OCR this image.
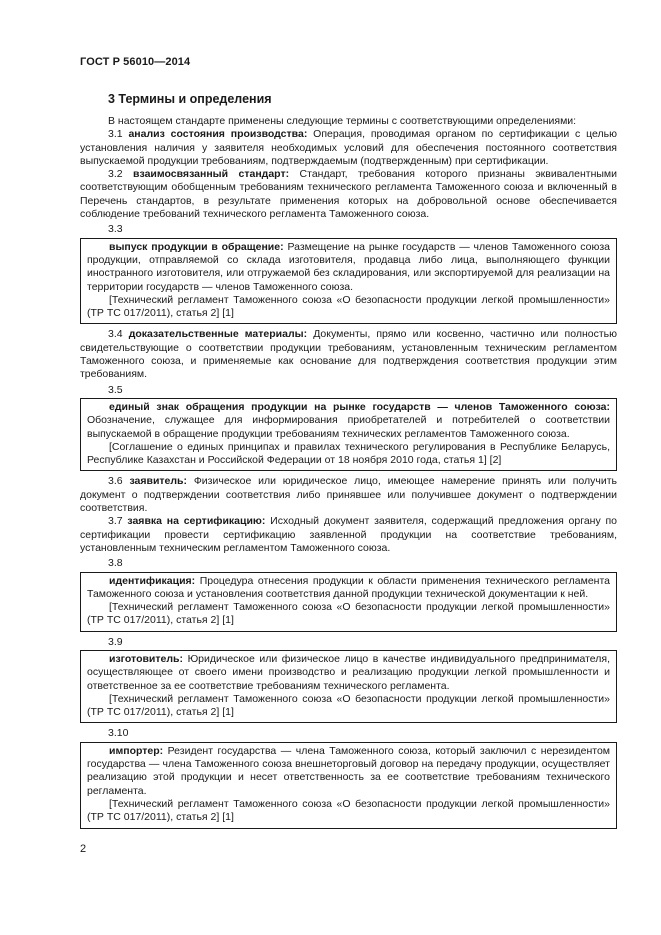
ГОСТ Р 56010—2014
3 Термины и определения

В настоящем стандарте применены следующие термины с соответствующими определениями:

3.1 анализ состояния производства: Операция, проводимая органом по сертификации с целью установления наличия у заявителя необходимых условий для обеспечения постоянного соответствия выпускаемой продукции требованиям, подтверждаемым (подтвержденным) при сертификации.

3.2 взаимосвязанный стандарт: Стандарт, требования которого признаны эквивалентными соответствующим обобщенным требованиям технического регламента Таможенного союза и включенный в Перечень стандартов, в результате применения которых на добровольной основе обеспечивается соблюдение требований технического регламента Таможенного союза.

3.3

выпуск продукции в обращение: Размещение на рынке государств — членов Таможенного союза продукции, отправляемой со склада изготовителя, продавца либо лица, выполняющего функции иностранного изготовителя, или отгружаемой без складирования, или экспортируемой для реализации на территории государств — членов Таможенного союза.

[Технический регламент Таможенного союза «О безопасности продукции легкой промышленности» (ТР ТС 017/2011), статья 2] [1]

3.4 доказательственные материалы: Документы, прямо или косвенно, частично или полностью свидетельствующие о соответствии продукции требованиям, установленным техническим регламентом Таможенного союза, и применяемые как основание для подтверждения соответствия продукции этим требованиям.

3.5

единый знак обращения продукции на рынке государств — членов Таможенного союза: Обозначение, служащее для информирования приобретателей и потребителей о соответствии выпускаемой в обращение продукции требованиям технических регламентов Таможенного союза.

[Соглашение о единых принципах и правилах технического регулирования в Республике Беларусь, Республике Казахстан и Российской Федерации от 18 ноября 2010 года, статья 1] [2]

3.6 заявитель: Физическое или юридическое лицо, имеющее намерение принять или получить документ о подтверждении соответствия либо принявшее или получившее документ о подтверждении соответствия.

3.7 заявка на сертификацию: Исходный документ заявителя, содержащий предложения органу по сертификации провести сертификацию заявленной продукции на соответствие требованиям, установленным техническим регламентом Таможенного союза.

3.8

идентификация: Процедура отнесения продукции к области применения технического регламента Таможенного союза и установления соответствия данной продукции технической документации к ней.

[Технический регламент Таможенного союза «О безопасности продукции легкой промышленности» (ТР ТС 017/2011), статья 2] [1]

3.9

изготовитель: Юридическое или физическое лицо в качестве индивидуального предпринимателя, осуществляющее от своего имени производство и реализацию продукции легкой промышленности и ответственное за ее соответствие требованиям технического регламента.

[Технический регламент Таможенного союза «О безопасности продукции легкой промышленности» (ТР ТС 017/2011), статья 2] [1]

3.10

импортер: Резидент государства — члена Таможенного союза, который заключил с нерезидентом государства — члена Таможенного союза внешнеторговый договор на передачу продукции, осуществляет реализацию этой продукции и несет ответственность за ее соответствие требованиям технического регламента.

[Технический регламент Таможенного союза «О безопасности продукции легкой промышленности» (ТР ТС 017/2011), статья 2] [1]

2
